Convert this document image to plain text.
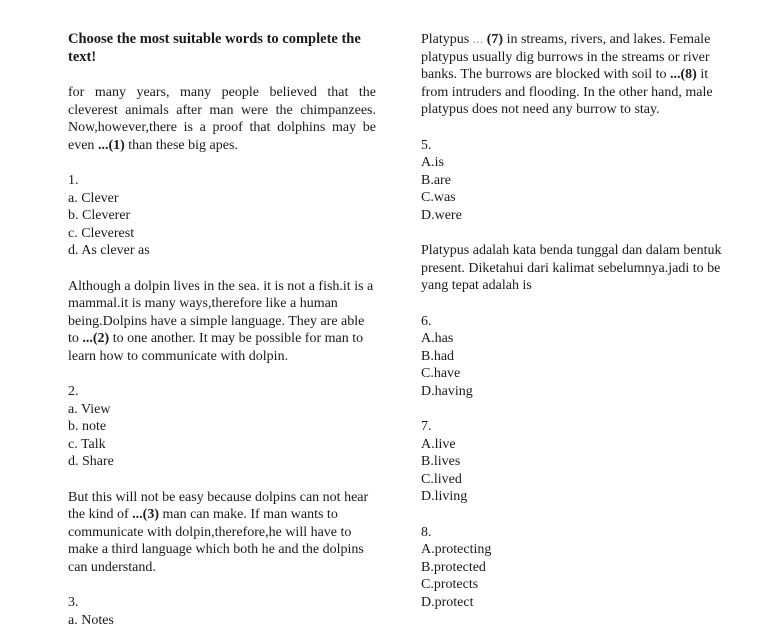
Choose the most suitable words to complete the text!

for many years, many people believed that the cleverest animals after man were the chimpanzees. Now,however,there is a proof that dolphins may be even ...(1) than these big apes.

1.

a. Clever

b. Cleverer

c. Cleverest

d. As clever as

Although a dolpin lives in the sea. it is not a fish.it is a mammal.it is many ways,therefore like a human being.Dolpins have a simple language. They are able to ...(2) to one another. It may be possible for man to learn how to communicate with dolpin.

2.

a. View

b. note

c. Talk

d. Share

But this will not be easy because dolpins can not hear the kind of ...(3) man can make. If man wants to communicate with dolpin,therefore,he will have to make a third language which both he and the dolpins can understand.

3.

a. Notes

Platypus ... (7) in streams, rivers, and lakes. Female platypus usually dig burrows in the streams or river banks. The burrows are blocked with soil to ...(8) it from intruders and flooding. In the other hand, male platypus does not need any burrow to stay.

5.

A.is

B.are

C.was

D.were

Platypus adalah kata benda tunggal dan dalam bentuk present. Diketahui dari kalimat sebelumnya.jadi to be yang tepat adalah is

6.

A.has

B.had

C.have

D.having

7.

A.live

B.lives

C.lived

D.living

8.

A.protecting

B.protected

C.protects

D.protect
